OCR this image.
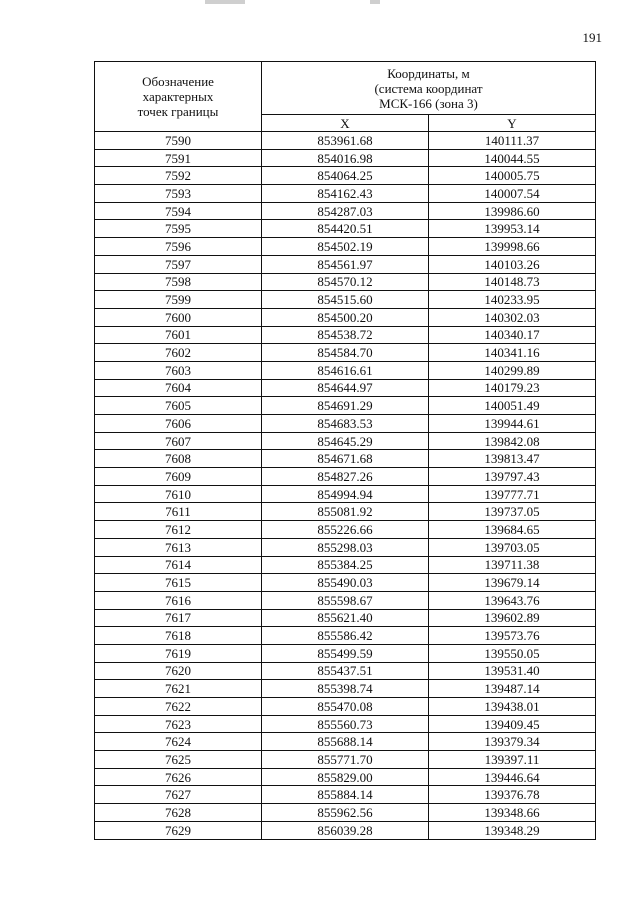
191
Обозначение
характерных
точек границы	Координаты, м
(система координат
МСК-166 (зона 3)	

	X	Y
7590	853961.68	140111.37
7591	854016.98	140044.55
7592	854064.25	140005.75
7593	854162.43	140007.54
7594	854287.03	139986.60
7595	854420.51	139953.14
7596	854502.19	139998.66
7597	854561.97	140103.26
7598	854570.12	140148.73
7599	854515.60	140233.95
7600	854500.20	140302.03
7601	854538.72	140340.17
7602	854584.70	140341.16
7603	854616.61	140299.89
7604	854644.97	140179.23
7605	854691.29	140051.49
7606	854683.53	139944.61
7607	854645.29	139842.08
7608	854671.68	139813.47
7609	854827.26	139797.43
7610	854994.94	139777.71
7611	855081.92	139737.05
7612	855226.66	139684.65
7613	855298.03	139703.05
7614	855384.25	139711.38
7615	855490.03	139679.14
7616	855598.67	139643.76
7617	855621.40	139602.89
7618	855586.42	139573.76
7619	855499.59	139550.05
7620	855437.51	139531.40
7621	855398.74	139487.14
7622	855470.08	139438.01
7623	855560.73	139409.45
7624	855688.14	139379.34
7625	855771.70	139397.11
7626	855829.00	139446.64
7627	855884.14	139376.78
7628	855962.56	139348.66
7629	856039.28	139348.29
